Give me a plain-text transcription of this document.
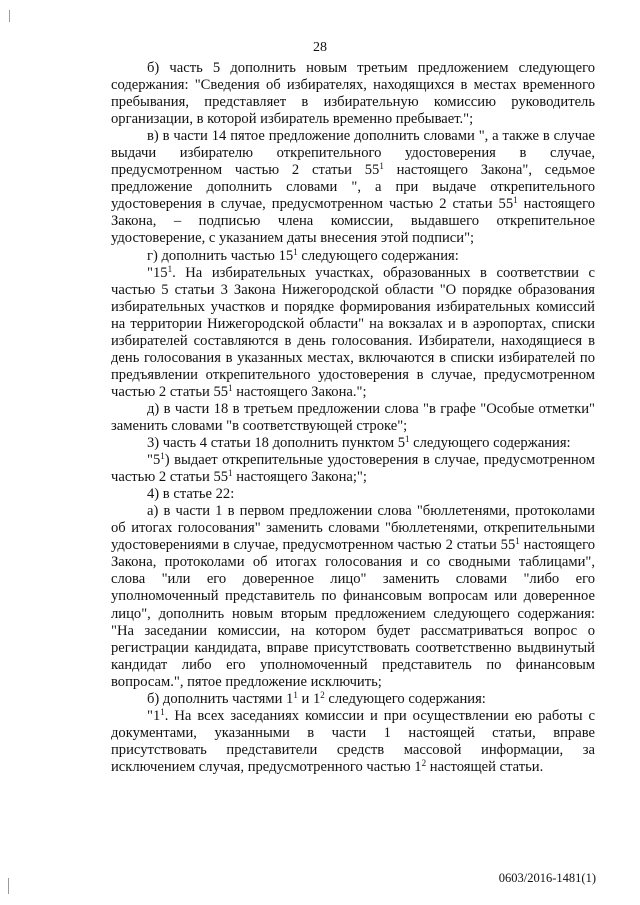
28

б) часть 5 дополнить новым третьим предложением следующего содержания: "Сведения об избирателях, находящихся в местах временного пребывания, представляет в избирательную комиссию руководитель организации, в которой избиратель временно пребывает.";

в) в части 14 пятое предложение дополнить словами ", а также в случае выдачи избирателю открепительного удостоверения в случае, предусмотренном частью 2 статьи $55^1$ настоящего Закона", седьмое предложение дополнить словами ", а при выдаче открепительного удостоверения в случае, предусмотренном частью 2 статьи $55^1$ настоящего Закона, – подписью члена комиссии, выдавшего открепительное удостоверение, с указанием даты внесения этой подписи";

г) дополнить частью $15^1$ следующего содержания:

"$15^1$. На избирательных участках, образованных в соответствии с частью 5 статьи 3 Закона Нижегородской области "О порядке образования избирательных участков и порядке формирования избирательных комиссий на территории Нижегородской области" на вокзалах и в аэропортах, списки избирателей составляются в день голосования. Избиратели, находящиеся в день голосования в указанных местах, включаются в списки избирателей по предъявлении открепительного удостоверения в случае, предусмотренном частью 2 статьи $55^1$ настоящего Закона.";

д) в части 18 в третьем предложении слова "в графе "Особые отметки" заменить словами "в соответствующей строке";

3) часть 4 статьи 18 дополнить пунктом $5^1$ следующего содержания:

"$5^1$) выдает открепительные удостоверения в случае, предусмотренном частью 2 статьи $55^1$ настоящего Закона;";

4) в статье 22:

а) в части 1 в первом предложении слова "бюллетенями, протоколами об итогах голосования" заменить словами "бюллетенями, открепительными удостоверениями в случае, предусмотренном частью 2 статьи $55^1$ настоящего Закона, протоколами об итогах голосования и со сводными таблицами", слова "или его доверенное лицо" заменить словами "либо его уполномоченный представитель по финансовым вопросам или доверенное лицо", дополнить новым вторым предложением следующего содержания: "На заседании комиссии, на котором будет рассматриваться вопрос о регистрации кандидата, вправе присутствовать соответственно выдвинутый кандидат либо его уполномоченный представитель по финансовым вопросам.", пятое предложение исключить;

б) дополнить частями $1^1$ и $1^2$ следующего содержания:

"$1^1$. На всех заседаниях комиссии и при осуществлении ею работы с документами, указанными в части 1 настоящей статьи, вправе присутствовать представители средств массовой информации, за исключением случая, предусмотренного частью $1^2$ настоящей статьи.

0603/2016-1481(1)
